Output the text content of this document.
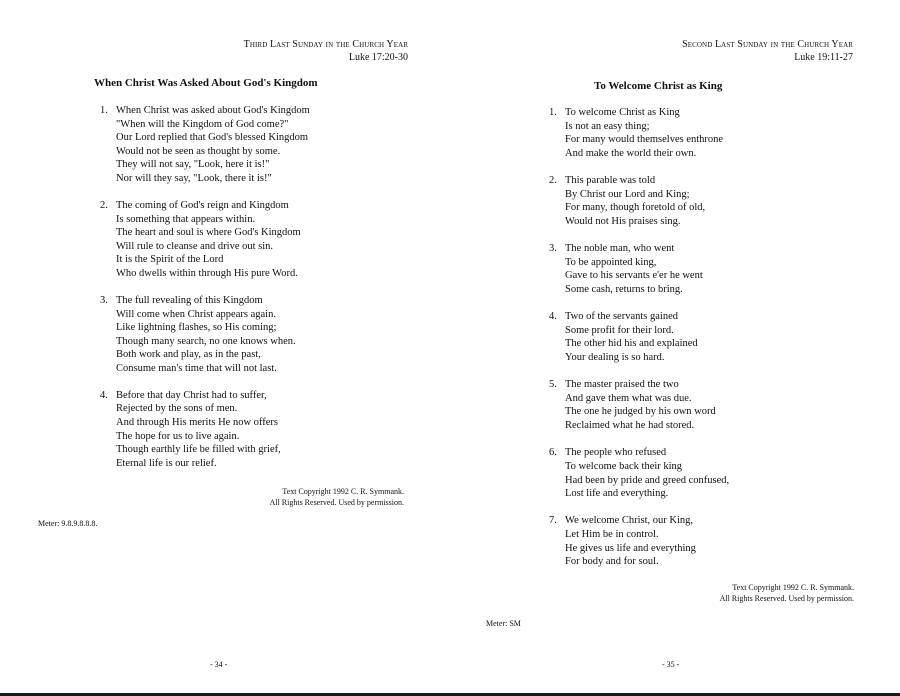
Third Last Sunday in the Church Year
Luke 17:20-30
When Christ Was Asked About God's Kingdom
1. When Christ was asked about God's Kingdom
"When will the Kingdom of God come?"
Our Lord replied that God's blessed Kingdom
Would not be seen as thought by some.
They will not say, "Look, here it is!"
Nor will they say, "Look, there it is!"
2. The coming of God's reign and Kingdom
Is something that appears within.
The heart and soul is where God's Kingdom
Will rule to cleanse and drive out sin.
It is the Spirit of the Lord
Who dwells within through His pure Word.
3. The full revealing of this Kingdom
Will come when Christ appears again.
Like lightning flashes, so His coming;
Though many search, no one knows when.
Both work and play, as in the past,
Consume man's time that will not last.
4. Before that day Christ had to suffer,
Rejected by the sons of men.
And through His merits He now offers
The hope for us to live again.
Though earthly life be filled with grief,
Eternal life is our relief.
Text Copyright 1992 C. R. Symmank.
All Rights Reserved. Used by permission.
Meter: 9.8.9.8.8.8.
- 34 -
Second Last Sunday in the Church Year
Luke 19:11-27
To Welcome Christ as King
1. To welcome Christ as King
Is not an easy thing;
For many would themselves enthrone
And make the world their own.
2. This parable was told
By Christ our Lord and King;
For many, though foretold of old,
Would not His praises sing.
3. The noble man, who went
To be appointed king,
Gave to his servants e'er he went
Some cash, returns to bring.
4. Two of the servants gained
Some profit for their lord.
The other hid his and explained
Your dealing is so hard.
5. The master praised the two
And gave them what was due.
The one he judged by his own word
Reclaimed what he had stored.
6. The people who refused
To welcome back their king
Had been by pride and greed confused,
Lost life and everything.
7. We welcome Christ, our King,
Let Him be in control.
He gives us life and everything
For body and for soul.
Text Copyright 1992 C. R. Symmank.
All Rights Reserved. Used by permission.
Meter: SM
- 35 -
